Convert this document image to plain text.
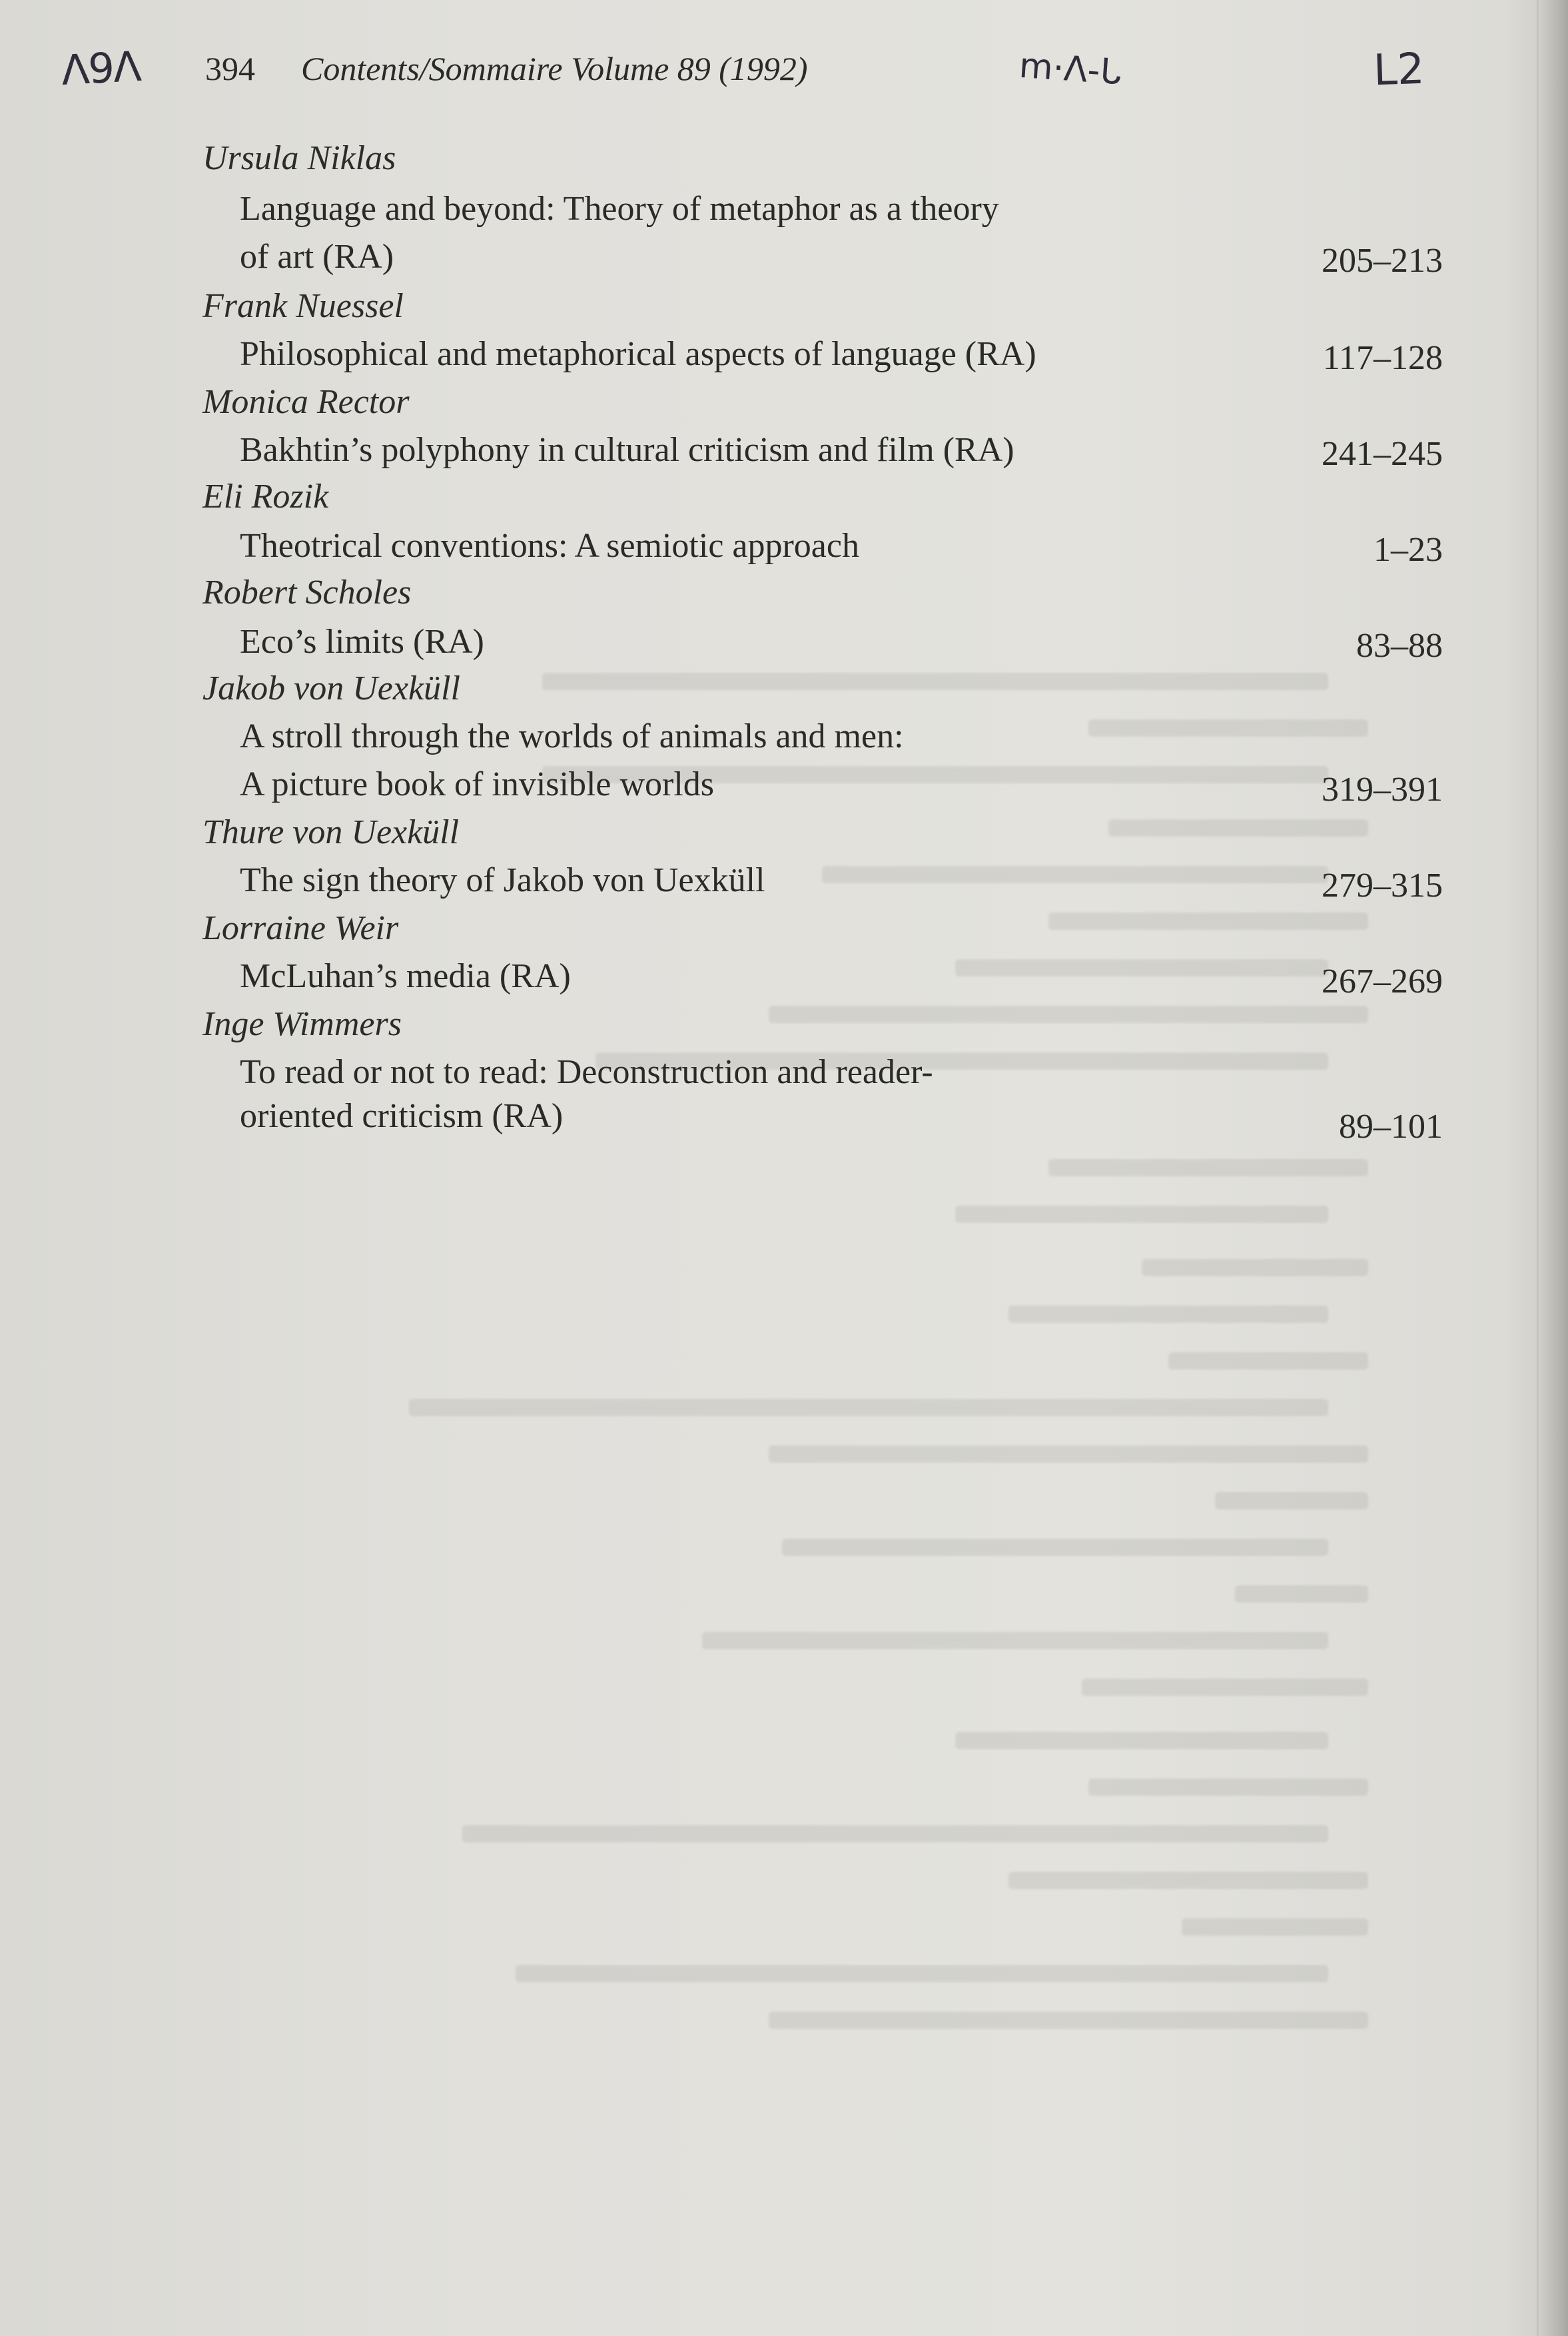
ᐱ9ᐱ 394 Contents/Sommaire Volume 89 (1992)	m·ᐱ-ᒐ	L2
Ursula Niklas
Language and beyond: Theory of metaphor as a theory
of art (RA)	205–213
Frank Nuessel
Philosophical and metaphorical aspects of language (RA)	117–128
Monica Rector
Bakhtin’s polyphony in cultural criticism and film (RA)	241–245
Eli Rozik
Theotrical conventions: A semiotic approach	1–23
Robert Scholes
Eco’s limits (RA)	83–88
Jakob von Uexküll
A stroll through the worlds of animals and men:
A picture book of invisible worlds	319–391
Thure von Uexküll
The sign theory of Jakob von Uexküll	279–315
Lorraine Weir
McLuhan’s media (RA)	267–269
Inge Wimmers
To read or not to read: Deconstruction and reader-
oriented criticism (RA)	89–101
